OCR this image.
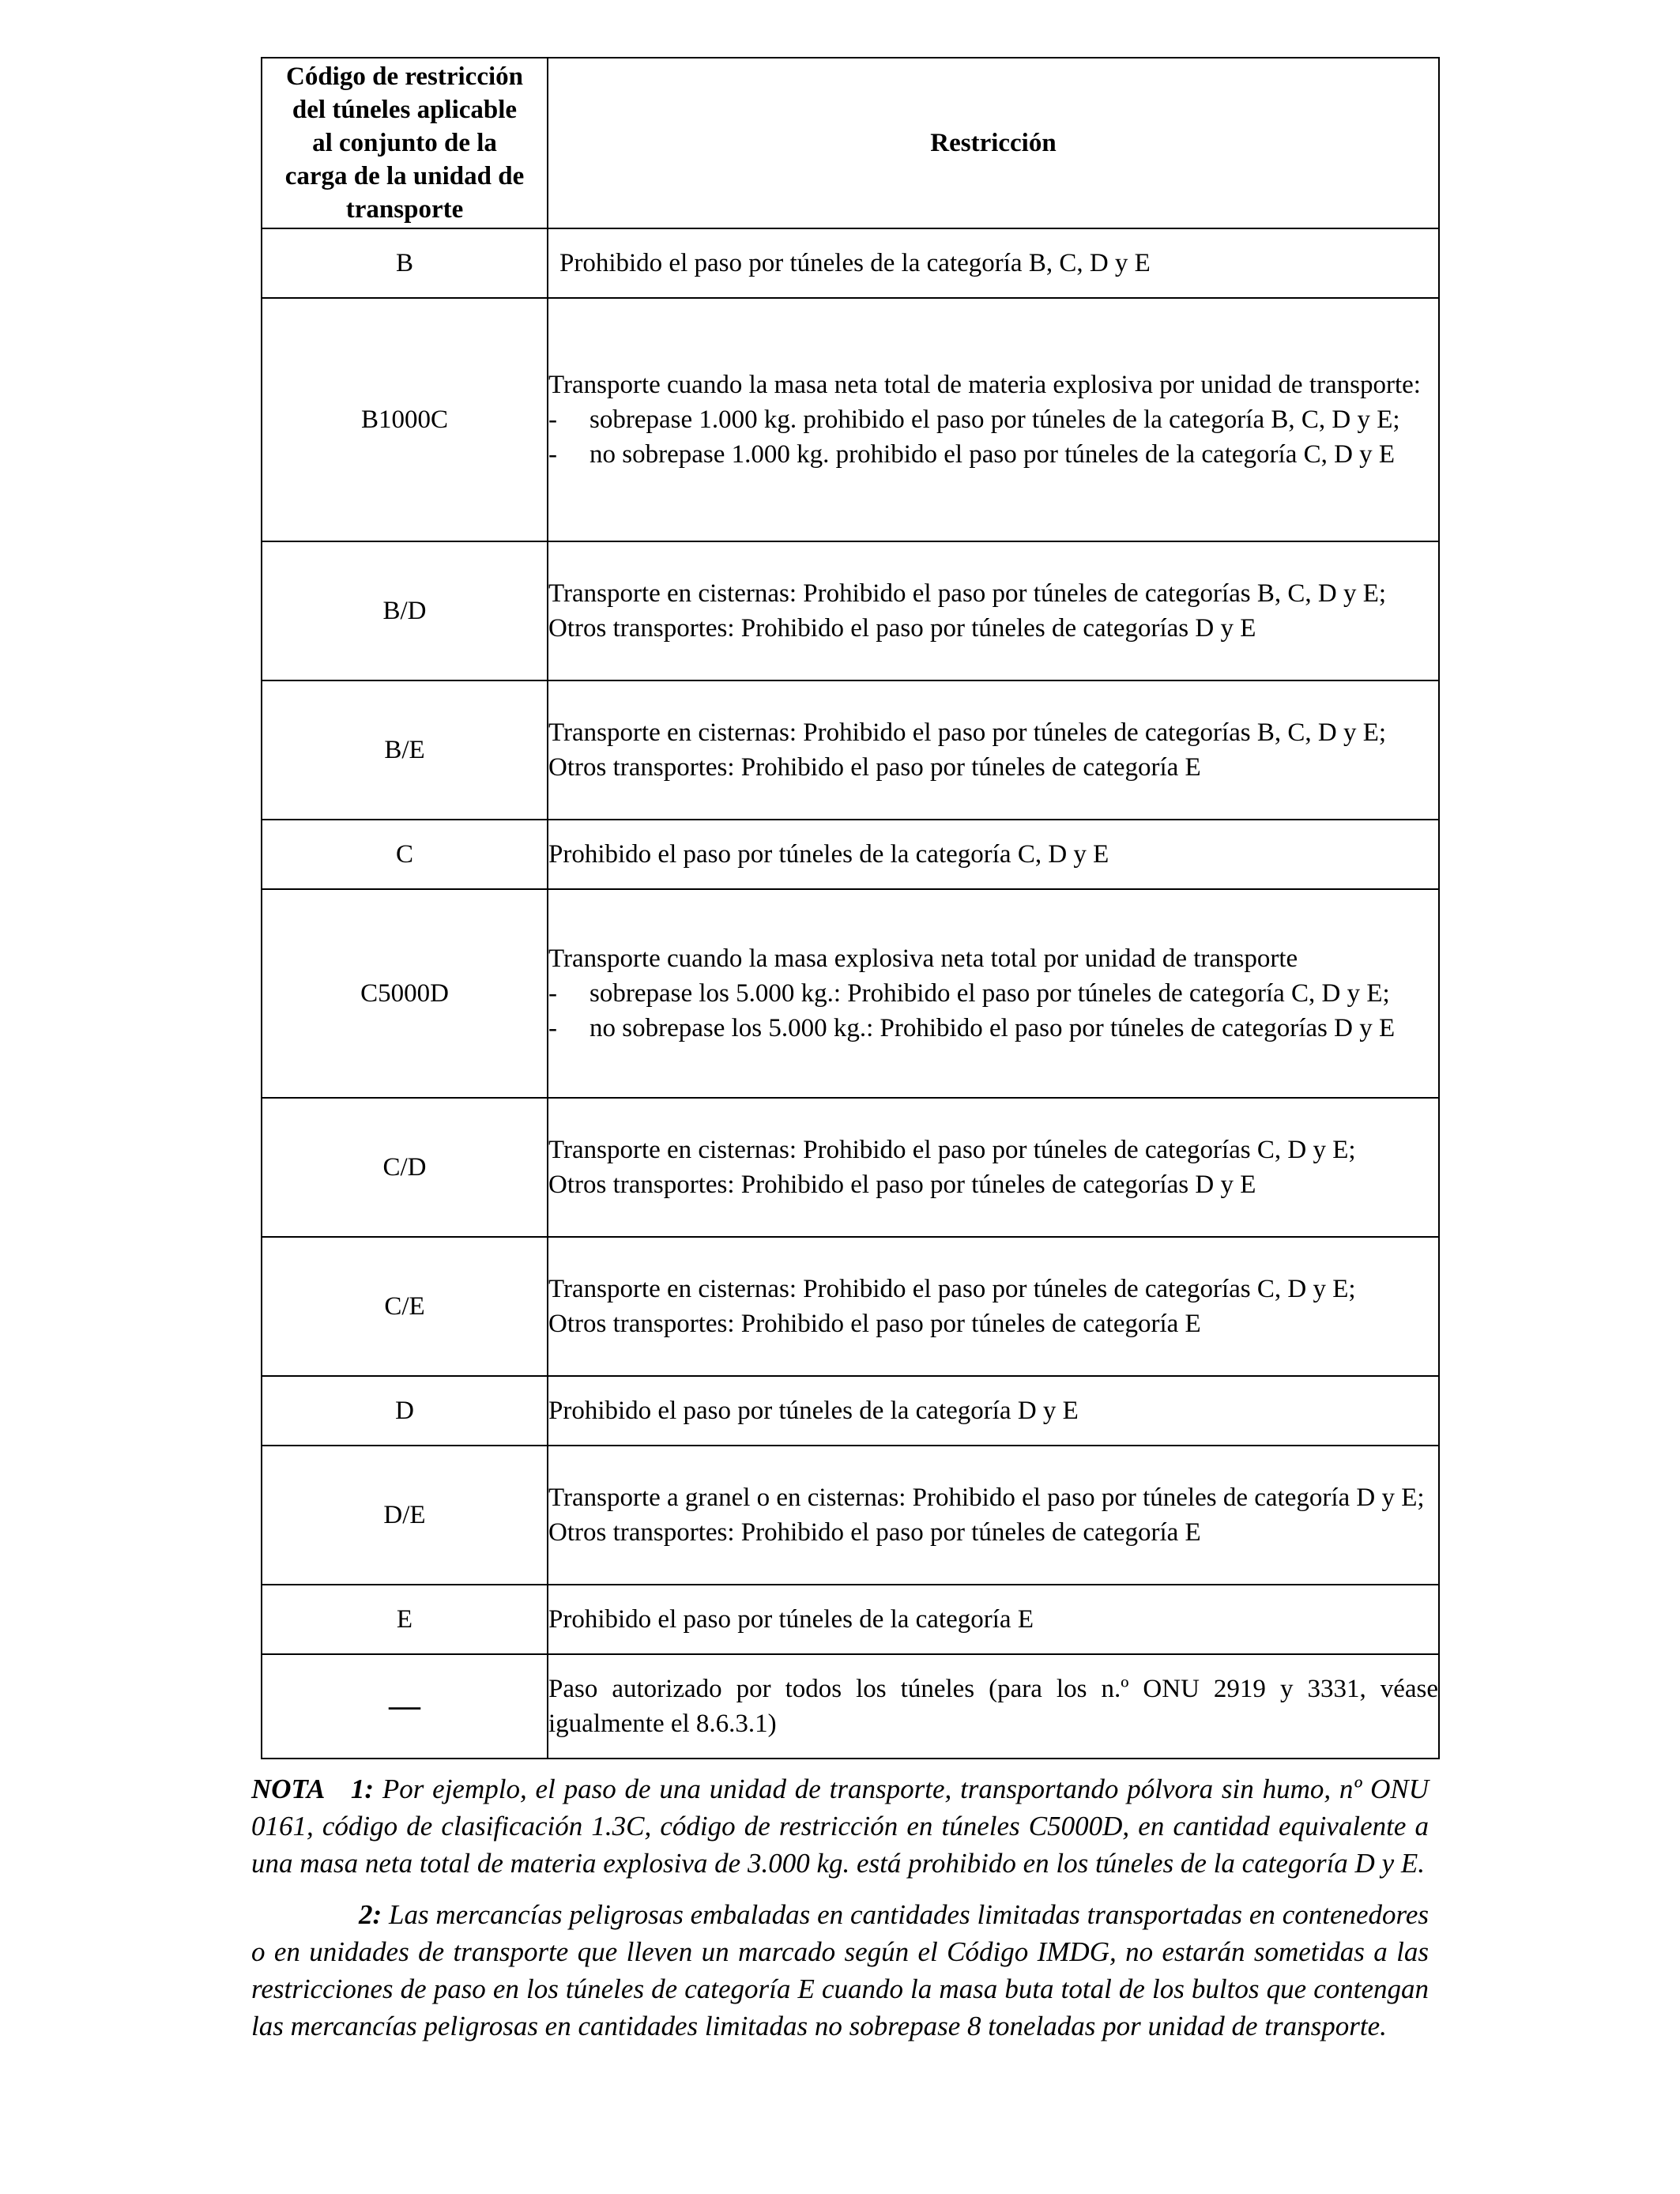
Código de restricción
del túneles aplicable
al conjunto de la
carga de la unidad de
transporte	Restricción
B	Prohibido el paso por túneles de la categoría B, C, D y E

B1000C	Transporte cuando la masa neta total de materia explosiva por unidad de transporte:
- sobrepase 1.000 kg. prohibido el paso por túneles de la categoría B, C, D y E;
- no sobrepase 1.000 kg. prohibido el paso por túneles de la categoría C, D y E

B/D	Transporte en cisternas: Prohibido el paso por túneles de categorías B, C, D y E;
Otros transportes: Prohibido el paso por túneles de categorías D y E

B/E	Transporte en cisternas: Prohibido el paso por túneles de categorías B, C, D y E;
Otros transportes: Prohibido el paso por túneles de categoría E

C	Prohibido el paso por túneles de la categoría C, D y E

C5000D	Transporte cuando la masa explosiva neta total por unidad de transporte
- sobrepase los 5.000 kg.: Prohibido el paso por túneles de categoría C, D y E;
- no sobrepase los 5.000 kg.: Prohibido el paso por túneles de categorías D y E

C/D	Transporte en cisternas: Prohibido el paso por túneles de categorías C, D y E;
Otros transportes: Prohibido el paso por túneles de categorías D y E

C/E	Transporte en cisternas: Prohibido el paso por túneles de categorías C, D y E;
Otros transportes: Prohibido el paso por túneles de categoría E

D	Prohibido el paso por túneles de la categoría D y E

D/E	Transporte a granel o en cisternas: Prohibido el paso por túneles de categoría D y E;
Otros transportes: Prohibido el paso por túneles de categoría E

E	Prohibido el paso por túneles de la categoría E

—	Paso autorizado por todos los túneles (para los n.º ONU 2919 y 3331, véase igualmente el 8.6.3.1)

NOTA 1: Por ejemplo, el paso de una unidad de transporte, transportando pólvora sin humo, nº ONU 0161, código de clasificación 1.3C, código de restricción en túneles C5000D, en cantidad equivalente a una masa neta total de materia explosiva de 3.000 kg. está prohibido en los túneles de la categoría D y E.

2: Las mercancías peligrosas embaladas en cantidades limitadas transportadas en contenedores o en unidades de transporte que lleven un marcado según el Código IMDG, no estarán sometidas a las restricciones de paso en los túneles de categoría E cuando la masa buta total de los bultos que contengan las mercancías peligrosas en cantidades limitadas no sobrepase 8 toneladas por unidad de transporte.
